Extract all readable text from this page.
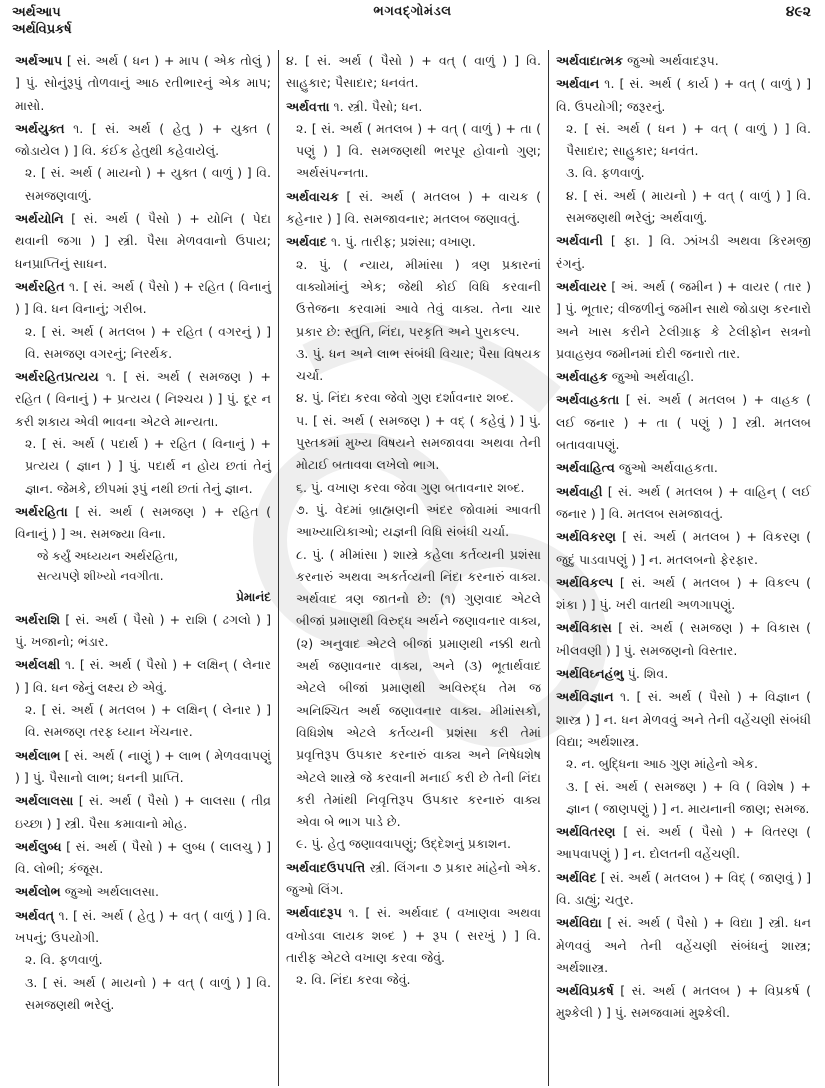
અર્થઆપ
અર્થવિપ્રકર્ષ
ભગવદ્ગોમંડલ	૪૯૨
અર્થઆપ [ સં. અર્થ ( ધન ) + માપ ( એક તોલું ) ] પું. સોનુંરૂપું તોળવાનું આઠ રતીભારનું એક માપ; માસો.
અર્થયુક્ત ૧. [ સં. અર્થ ( હેતુ ) + યુક્ત ( જોડાયેલ ) ] વિ. કંઈક હેતુથી કહેવાયેલું.
૨. [ સં. અર્થ ( માયનો ) + યુક્ત ( વાળું ) ] વિ. સમજણવાળું.
અર્થયોનિ [ સં. અર્થ ( પૈસો ) + યોનિ ( પેદા થવાની જગા ) ] સ્ત્રી. પૈસા મેળવવાનો ઉપાય; ધનપ્રાપ્તિનું સાધન.
અર્થરહિત ૧. [ સં. અર્થ ( પૈસો ) + રહિત ( વિનાનું ) ] વિ. ધન વિનાનું; ગરીબ.
૨. [ સં. અર્થ ( મતલબ ) + રહિત ( વગરનું ) ] વિ. સમજણ વગરનું; નિરર્થક.
અર્થરહિતપ્રત્યય ૧. [ સં. અર્થ ( સમજણ ) + રહિત ( વિનાનું ) + પ્રત્યય ( નિશ્ચય ) ] પું. દૂર ન કરી શકાય એવી ભાવના એટલે માન્યતા.
૨. [ સં. અર્થ ( પદાર્થ ) + રહિત ( વિનાનું ) + પ્રત્યય ( જ્ઞાન ) ] પું. પદાર્થ ન હોય છતાં તેનું જ્ઞાન. જેમકે, છીપમાં રૂપું નથી છતાં તેનું જ્ઞાન.
અર્થરહિતા [ સં. અર્થ ( સમજણ ) + રહિત ( વિનાનું ) ] અ. સમજ્યા વિના.
જે કર્યું અધ્યયન અર્થરહિતા,
સત્યપણે શીખ્યો નવગીતા.
પ્રેમાનંદ
અર્થરાશિ [ સં. અર્થ ( પૈસો ) + રાશિ ( ઢગલો ) ] પું. ખજાનો; ભંડાર.
અર્થલક્ષી ૧. [ સં. અર્થ ( પૈસો ) + લક્ષિન્ ( લેનાર ) ] વિ. ધન જેનું લક્ષ્ય છે એવું.
૨. [ સં. અર્થ ( મતલબ ) + લક્ષિન્ ( લેનાર ) ] વિ. સમજણ તરફ ધ્યાન ખેંચનાર.
અર્થલાભ [ સં. અર્થ ( નાણું ) + લાભ ( મેળવવાપણું ) ] પું. પૈસાનો લાભ; ધનની પ્રાપ્તિ.
અર્થલાલસા [ સં. અર્થ ( પૈસો ) + લાલસા ( તીવ્ર ઇચ્છા ) ] સ્ત્રી. પૈસા કમાવાનો મોહ.
અર્થલુબ્ધ [ સં. અર્થ ( પૈસો ) + લુબ્ધ ( લાલચુ ) ] વિ. લોભી; કંજૂસ.
અર્થલોભ જુઓ અર્થલાલસા.
અર્થવત્ ૧. [ સં. અર્થ ( હેતુ ) + વત્ ( વાળું ) ] વિ. ખપનું; ઉપયોગી.
૨. વિ. ફળવાળું.
૩. [ સં. અર્થ ( માયનો ) + વત્ ( વાળું ) ] વિ. સમજણથી ભરેલું.
૪. [ સં. અર્થ ( પૈસો ) + વત્ ( વાળું ) ] વિ. સાહુકાર; પૈસાદાર; ધનવંત.
અર્થવત્તા ૧. સ્ત્રી. પૈસો; ધન.
૨. [ સં. અર્થ ( મતલબ ) + વત્ ( વાળું ) + તા ( પણું ) ] વિ. સમજણથી ભરપૂર હોવાનો ગુણ; અર્થસંપન્નતા.
અર્થવાચક [ સં. અર્થ ( મતલબ ) + વાચક ( કહેનાર ) ] વિ. સમજાવનાર; મતલબ જણાવતું.
અર્થવાદ ૧. પું. તારીફ; પ્રશંસા; વખાણ.
૨. પું. ( ન્યાય, મીમાંસા ) ત્રણ પ્રકારનાં વાક્યોમાંનું એક; જેથી કોઈ વિધિ કરવાની ઉત્તેજના કરવામાં આવે તેવું વાક્ય. તેના ચાર પ્રકાર છે: સ્તુતિ, નિંદા, પરકૃતિ અને પુરાકલ્પ.
૩. પું. ધન અને લાભ સંબંધી વિચાર; પૈસા વિષયક ચર્ચા.
૪. પું. નિંદા કરવા જેવો ગુણ દર્શાવનાર શબ્દ.
૫. [ સં. અર્થ ( સમજણ ) + વદ્ ( કહેવું ) ] પું. પુસ્તકમાં મુખ્ય વિષયને સમજાવવા અથવા તેની મોટાઈ બતાવવા લખેલો ભાગ.
૬. પું. વખાણ કરવા જેવા ગુણ બતાવનાર શબ્દ.
૭. પું. વેદમાં બ્રાહ્મણની અંદર જોવામાં આવતી આખ્યાયિકાઓ; યજ્ઞની વિધિ સંબંધી ચર્ચા.
૮. પું. ( મીમાંસા ) શાસ્ત્રે કહેલા કર્તવ્યની પ્રશંસા કરનારું અથવા અકર્તવ્યની નિંદા કરનારું વાક્ય. અર્થવાદ ત્રણ જાતનો છે: (૧) ગુણવાદ એટલે બીજાં પ્રમાણથી વિરુદ્ધ અર્થને જણાવનાર વાક્ય, (૨) અનુવાદ એટલે બીજાં પ્રમાણથી નક્કી થતો અર્થ જણાવનાર વાક્ય, અને (૩) ભૂતાર્થવાદ એટલે બીજાં પ્રમાણથી અવિરુદ્ધ તેમ જ અનિશ્ચિત અર્થ જણાવનાર વાક્ય. મીમાંસકો, વિધિશેષ એટલે કર્તવ્યની પ્રશંસા કરી તેમાં પ્રવૃત્તિરૂપ ઉપકાર કરનારું વાક્ય અને નિષેધશેષ એટલે શાસ્ત્રે જે કરવાની મનાઈ કરી છે તેની નિંદા કરી તેમાંથી નિવૃત્તિરૂપ ઉપકાર કરનારું વાક્ય એવા બે ભાગ પાડે છે.
૯. પું. હેતુ જણાવવાપણું; ઉદ્દેશનું પ્રકાશન.
અર્થવાદઉપપત્તિ સ્ત્રી. લિંગના ૭ પ્રકાર માંહેનો એક. જુઓ લિંગ.
અર્થવાદરૂપ ૧. [ સં. અર્થવાદ ( વખાણવા અથવા વખોડવા લાયક શબ્દ ) + રૂપ ( સરખું ) ] વિ. તારીફ એટલે વખાણ કરવા જેવું.
૨. વિ. નિંદા કરવા જેવું.
અર્થવાદાત્મક જુઓ અર્થવાદરૂપ.
અર્થવાન ૧. [ સં. અર્થ ( કાર્ય ) + વત્ ( વાળું ) ] વિ. ઉપયોગી; જરૂરનું.
૨. [ સં. અર્થ ( ધન ) + વત્ ( વાળું ) ] વિ. પૈસાદાર; સાહુકાર; ધનવંત.
૩. વિ. ફળવાળું.
૪. [ સં. અર્થ ( માયનો ) + વત્ ( વાળું ) ] વિ. સમજણથી ભરેલું; અર્થવાળું.
અર્થવાની [ ફા. ] વિ. ઝાંખડી અથવા કિરમજી રંગનું.
અર્થવાયર [ અં. અર્થ ( જમીન ) + વાયર ( તાર ) ] પું. ભૂતાર; વીજળીનું જમીન સાથે જોડાણ કરનારો અને ખાસ કરીને ટેલીગ્રાફ કે ટેલીફોન સત્રનો પ્રવાહસ્રવ જમીનમાં દોરી જનારો તાર.
અર્થવાહક જુઓ અર્થવાહી.
અર્થવાહકતા [ સં. અર્થ ( મતલબ ) + વાહક ( લઈ જનાર ) + તા ( પણું ) ] સ્ત્રી. મતલબ બતાવવાપણું.
અર્થવાહિત્વ જુઓ અર્થવાહકતા.
અર્થવાહી [ સં. અર્થ ( મતલબ ) + વાહિન્ ( લઈ જનાર ) ] વિ. મતલબ સમજાવતું.
અર્થવિકરણ [ સં. અર્થ ( મતલબ ) + વિકરણ ( જુદું પાડવાપણું ) ] ન. મતલબનો ફેરફાર.
અર્થવિકલ્પ [ સં. અર્થ ( મતલબ ) + વિકલ્પ ( શંકા ) ] પું. ખરી વાતથી અળગાપણું.
અર્થવિકાસ [ સં. અર્થ ( સમજણ ) + વિકાસ ( ખીલવણી ) ] પું. સમજણનો વિસ્તાર.
અર્થવિઘ્નહંભુ પું. શિવ.
અર્થવિજ્ઞાન ૧. [ સં. અર્થ ( પૈસો ) + વિજ્ઞાન ( શાસ્ત્ર ) ] ન. ધન મેળવવું અને તેની વહેંચણી સંબંધી વિદ્યા; અર્થશાસ્ત્ર.
૨. ન. બુદ્ધિના આઠ ગુણ માંહેનો એક.
૩. [ સં. અર્થ ( સમજણ ) + વિ ( વિશેષ ) + જ્ઞાન ( જાણપણું ) ] ન. માયનાની જાણ; સમજ.
અર્થવિતરણ [ સં. અર્થ ( પૈસો ) + વિતરણ ( આપવાપણું ) ] ન. દોલતની વહેંચણી.
અર્થવિદ [ સં. અર્થ ( મતલબ ) + વિદ્ ( જાણવું ) ] વિ. ડાહ્યું; ચતુર.
અર્થવિદ્યા [ સં. અર્થ ( પૈસો ) + વિદ્યા ] સ્ત્રી. ધન મેળવવું અને તેની વહેંચણી સંબંધનું શાસ્ત્ર; અર્થશાસ્ત્ર.
અર્થવિપ્રકર્ષ [ સં. અર્થ ( મતલબ ) + વિપ્રકર્ષ ( મુશ્કેલી ) ] પું. સમજવામાં મુશ્કેલી.
